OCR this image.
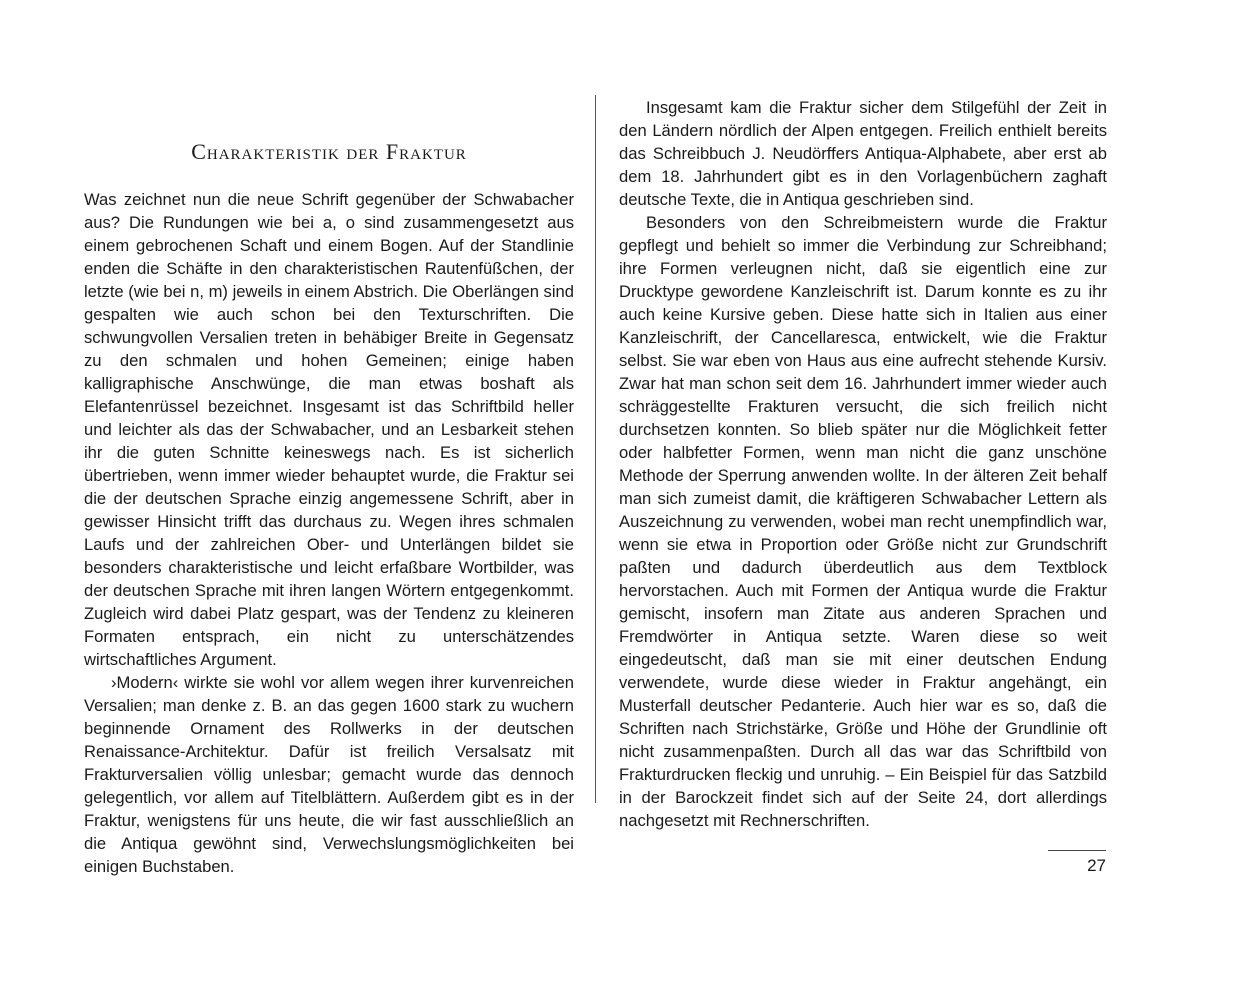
Charakteristik der Fraktur

Was zeichnet nun die neue Schrift gegenüber der Schwabacher aus? Die Rundungen wie bei a, o sind zusammengesetzt aus einem gebrochenen Schaft und einem Bogen. Auf der Standlinie enden die Schäfte in den charakteristischen Rautenfüßchen, der letzte (wie bei n, m) jeweils in einem Abstrich. Die Oberlängen sind gespalten wie auch schon bei den Texturschriften. Die schwungvollen Versalien treten in behäbiger Breite in Gegensatz zu den schmalen und hohen Gemeinen; einige haben kalligraphische Anschwünge, die man etwas boshaft als Elefantenrüssel bezeichnet. Insgesamt ist das Schriftbild heller und leichter als das der Schwabacher, und an Lesbarkeit stehen ihr die guten Schnitte keineswegs nach. Es ist sicherlich übertrieben, wenn immer wieder behauptet wurde, die Fraktur sei die der deutschen Sprache einzig angemessene Schrift, aber in gewisser Hinsicht trifft das durchaus zu. Wegen ihres schmalen Laufs und der zahlreichen Ober- und Unterlängen bildet sie besonders charakteristische und leicht erfaßbare Wortbilder, was der deutschen Sprache mit ihren langen Wörtern entgegenkommt. Zugleich wird dabei Platz gespart, was der Tendenz zu kleineren Formaten entsprach, ein nicht zu unterschätzendes wirtschaftliches Argument.

›Modern‹ wirkte sie wohl vor allem wegen ihrer kurvenreichen Versalien; man denke z. B. an das gegen 1600 stark zu wuchern beginnende Ornament des Rollwerks in der deutschen Renaissance-Architektur. Dafür ist freilich Versalsatz mit Frakturversalien völlig unlesbar; gemacht wurde das dennoch gelegentlich, vor allem auf Titelblättern. Außerdem gibt es in der Fraktur, wenigstens für uns heute, die wir fast ausschließlich an die Antiqua gewöhnt sind, Verwechslungsmöglichkeiten bei einigen Buchstaben.

Insgesamt kam die Fraktur sicher dem Stilgefühl der Zeit in den Ländern nördlich der Alpen entgegen. Freilich enthielt bereits das Schreibbuch J. Neudörffers Antiqua-Alphabete, aber erst ab dem 18. Jahrhundert gibt es in den Vorlagenbüchern zaghaft deutsche Texte, die in Antiqua geschrieben sind.

Besonders von den Schreibmeistern wurde die Fraktur gepflegt und behielt so immer die Verbindung zur Schreibhand; ihre Formen verleugnen nicht, daß sie eigentlich eine zur Drucktype gewordene Kanzleischrift ist. Darum konnte es zu ihr auch keine Kursive geben. Diese hatte sich in Italien aus einer Kanzleischrift, der Cancellaresca, entwickelt, wie die Fraktur selbst. Sie war eben von Haus aus eine aufrecht stehende Kursiv. Zwar hat man schon seit dem 16. Jahrhundert immer wieder auch schräggestellte Frakturen versucht, die sich freilich nicht durchsetzen konnten. So blieb später nur die Möglichkeit fetter oder halbfetter Formen, wenn man nicht die ganz unschöne Methode der Sperrung anwenden wollte. In der älteren Zeit behalf man sich zumeist damit, die kräftigeren Schwabacher Lettern als Auszeichnung zu verwenden, wobei man recht unempfindlich war, wenn sie etwa in Proportion oder Größe nicht zur Grundschrift paßten und dadurch überdeutlich aus dem Textblock hervorstachen. Auch mit Formen der Antiqua wurde die Fraktur gemischt, insofern man Zitate aus anderen Sprachen und Fremdwörter in Antiqua setzte. Waren diese so weit eingedeutscht, daß man sie mit einer deutschen Endung verwendete, wurde diese wieder in Fraktur angehängt, ein Musterfall deutscher Pedanterie. Auch hier war es so, daß die Schriften nach Strichstärke, Größe und Höhe der Grundlinie oft nicht zusammenpaßten. Durch all das war das Schriftbild von Frakturdrucken fleckig und unruhig. – Ein Beispiel für das Satzbild in der Barockzeit findet sich auf der Seite 24, dort allerdings nachgesetzt mit Rechnerschriften.

27
